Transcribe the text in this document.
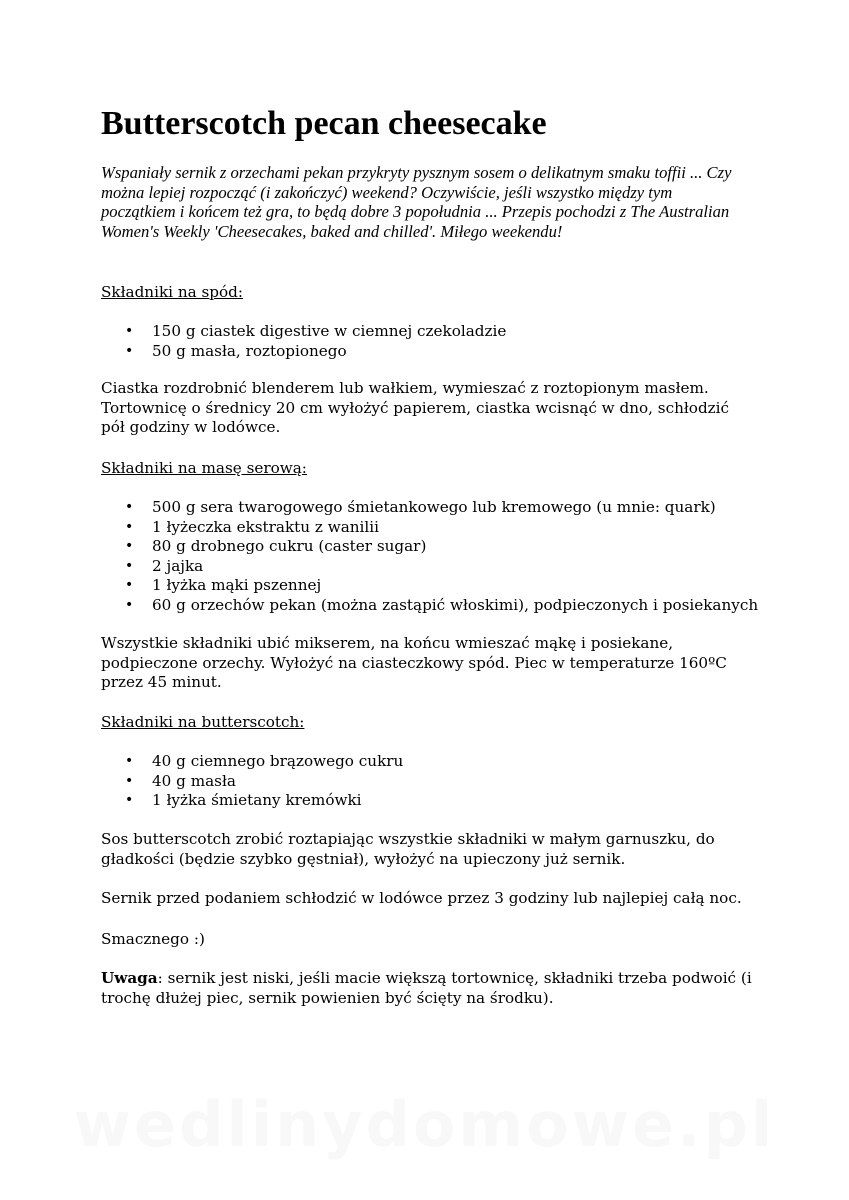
Butterscotch pecan cheesecake

Wspaniały sernik z orzechami pekan przykryty pysznym sosem o delikatnym smaku toffii ... Czy można lepiej rozpocząć (i zakończyć) weekend? Oczywiście, jeśli wszystko między tym początkiem i końcem też gra, to będą dobre 3 popołudnia ... Przepis pochodzi z The Australian Women's Weekly 'Cheesecakes, baked and chilled'. Miłego weekendu!

Składniki na spód:

• 150 g ciastek digestive w ciemnej czekoladzie
• 50 g masła, roztopionego

Ciastka rozdrobnić blenderem lub wałkiem, wymieszać z roztopionym masłem. Tortownicę o średnicy 20 cm wyłożyć papierem, ciastka wcisnąć w dno, schłodzić pół godziny w lodówce.

Składniki na masę serową:

• 500 g sera twarogowego śmietankowego lub kremowego (u mnie: quark)
• 1 łyżeczka ekstraktu z wanilii
• 80 g drobnego cukru (caster sugar)
• 2 jajka
• 1 łyżka mąki pszennej
• 60 g orzechów pekan (można zastąpić włoskimi), podpieczonych i posiekanych

Wszystkie składniki ubić mikserem, na końcu wmieszać mąkę i posiekane, podpieczone orzechy. Wyłożyć na ciasteczkowy spód. Piec w temperaturze 160ºC przez 45 minut.

Składniki na butterscotch:

• 40 g ciemnego brązowego cukru
• 40 g masła
• 1 łyżka śmietany kremówki

Sos butterscotch zrobić roztapiając wszystkie składniki w małym garnuszku, do gładkości (będzie szybko gęstniał), wyłożyć na upieczony już sernik.

Sernik przed podaniem schłodzić w lodówce przez 3 godziny lub najlepiej całą noc.

Smacznego :)

Uwaga: sernik jest niski, jeśli macie większą tortownicę, składniki trzeba podwoić (i trochę dłużej piec, sernik powienien być ścięty na środku).

wedlinydomowe.pl
